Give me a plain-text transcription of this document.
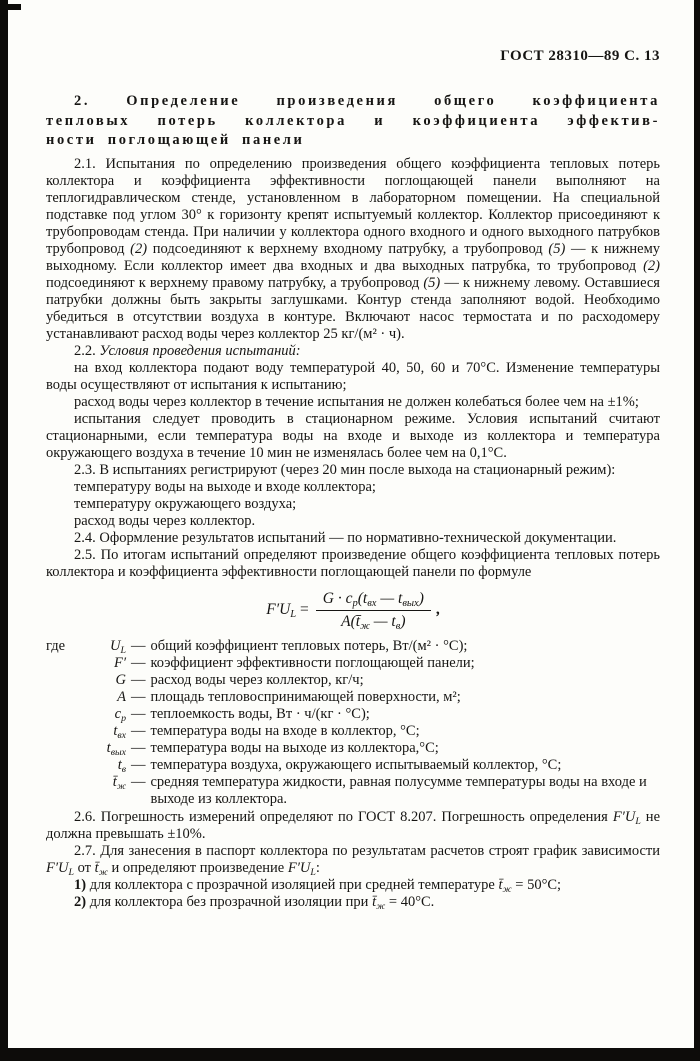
ГОСТ 28310—89 С. 13
2. Определение произведения общего коэффициента
тепловых потерь коллектора и коэффициента эффектив-
ности поглощающей панели

2.1. Испытания по определению произведения общего коэффициента тепловых потерь коллектора и коэффициента эффективности поглощающей панели выполняют на теплогидравлическом стенде, установленном в лабораторном помещении. На специальной подставке под углом 30° к горизонту крепят испытуемый коллектор. Коллектор присоединяют к трубопроводам стенда. При наличии у коллектора одного входного и одного выходного патрубков трубопровод (2) подсоединяют к верхнему входному патрубку, а трубопровод (5) — к нижнему выходному. Если коллектор имеет два входных и два выходных патрубка, то трубопровод (2) подсоединяют к верхнему правому патрубку, а трубопровод (5) — к нижнему левому. Оставшиеся патрубки должны быть закрыты заглушками. Контур стенда заполняют водой. Необходимо убедиться в отсутствии воздуха в контуре. Включают насос термостата и по расходомеру устанавливают расход воды через коллектор 25 кг/(м² · ч).

2.2. Условия проведения испытаний:

на вход коллектора подают воду температурой 40, 50, 60 и 70°С. Изменение температуры воды осуществляют от испытания к испытанию;

расход воды через коллектор в течение испытания не должен колебаться более чем на ±1%;

испытания следует проводить в стационарном режиме. Условия испытаний считают стационарными, если температура воды на входе и выходе из коллектора и температура окружающего воздуха в течение 10 мин не изменялась более чем на 0,1°С.

2.3. В испытаниях регистрируют (через 20 мин после выхода на стационарный режим):

температуру воды на выходе и входе коллектора;

температуру окружающего воздуха;

расход воды через коллектор.

2.4. Оформление результатов испытаний — по нормативно-технической документации.

2.5. По итогам испытаний определяют произведение общего коэффициента тепловых потерь коллектора и коэффициента эффективности поглощающей панели по формуле

$F'UL = \frac{\text{G · cр(tвх — tвых)}}{A(t̄ж — tв)}$ ,
где	UL — общий коэффициент тепловых потерь, Вт/(м² · °С);
F′ — коэффициент эффективности поглощающей панели;
G — расход воды через коллектор, кг/ч;
A — площадь тепловоспринимающей поверхности, м²;
cр — теплоемкость воды, Вт · ч/(кг · °С);
tвх — температура воды на входе в коллектор, °С;
tвых — температура воды на выходе из коллектора,°С;
tв — температура воздуха, окружающего испытываемый коллектор, °С;
t̄ж — средняя температура жидкости, равная полусумме температуры воды на входе и выходе из коллектора.

2.6. Погрешность измерений определяют по ГОСТ 8.207. Погрешность определения F′UL не должна превышать ±10%.

2.7. Для занесения в паспорт коллектора по результатам расчетов строят график зависимости F′UL от t̄ж и определяют произведение F′UL:

1) для коллектора с прозрачной изоляцией при средней температуре t̄ж = 50°С;

2) для коллектора без прозрачной изоляции при t̄ж = 40°С.
